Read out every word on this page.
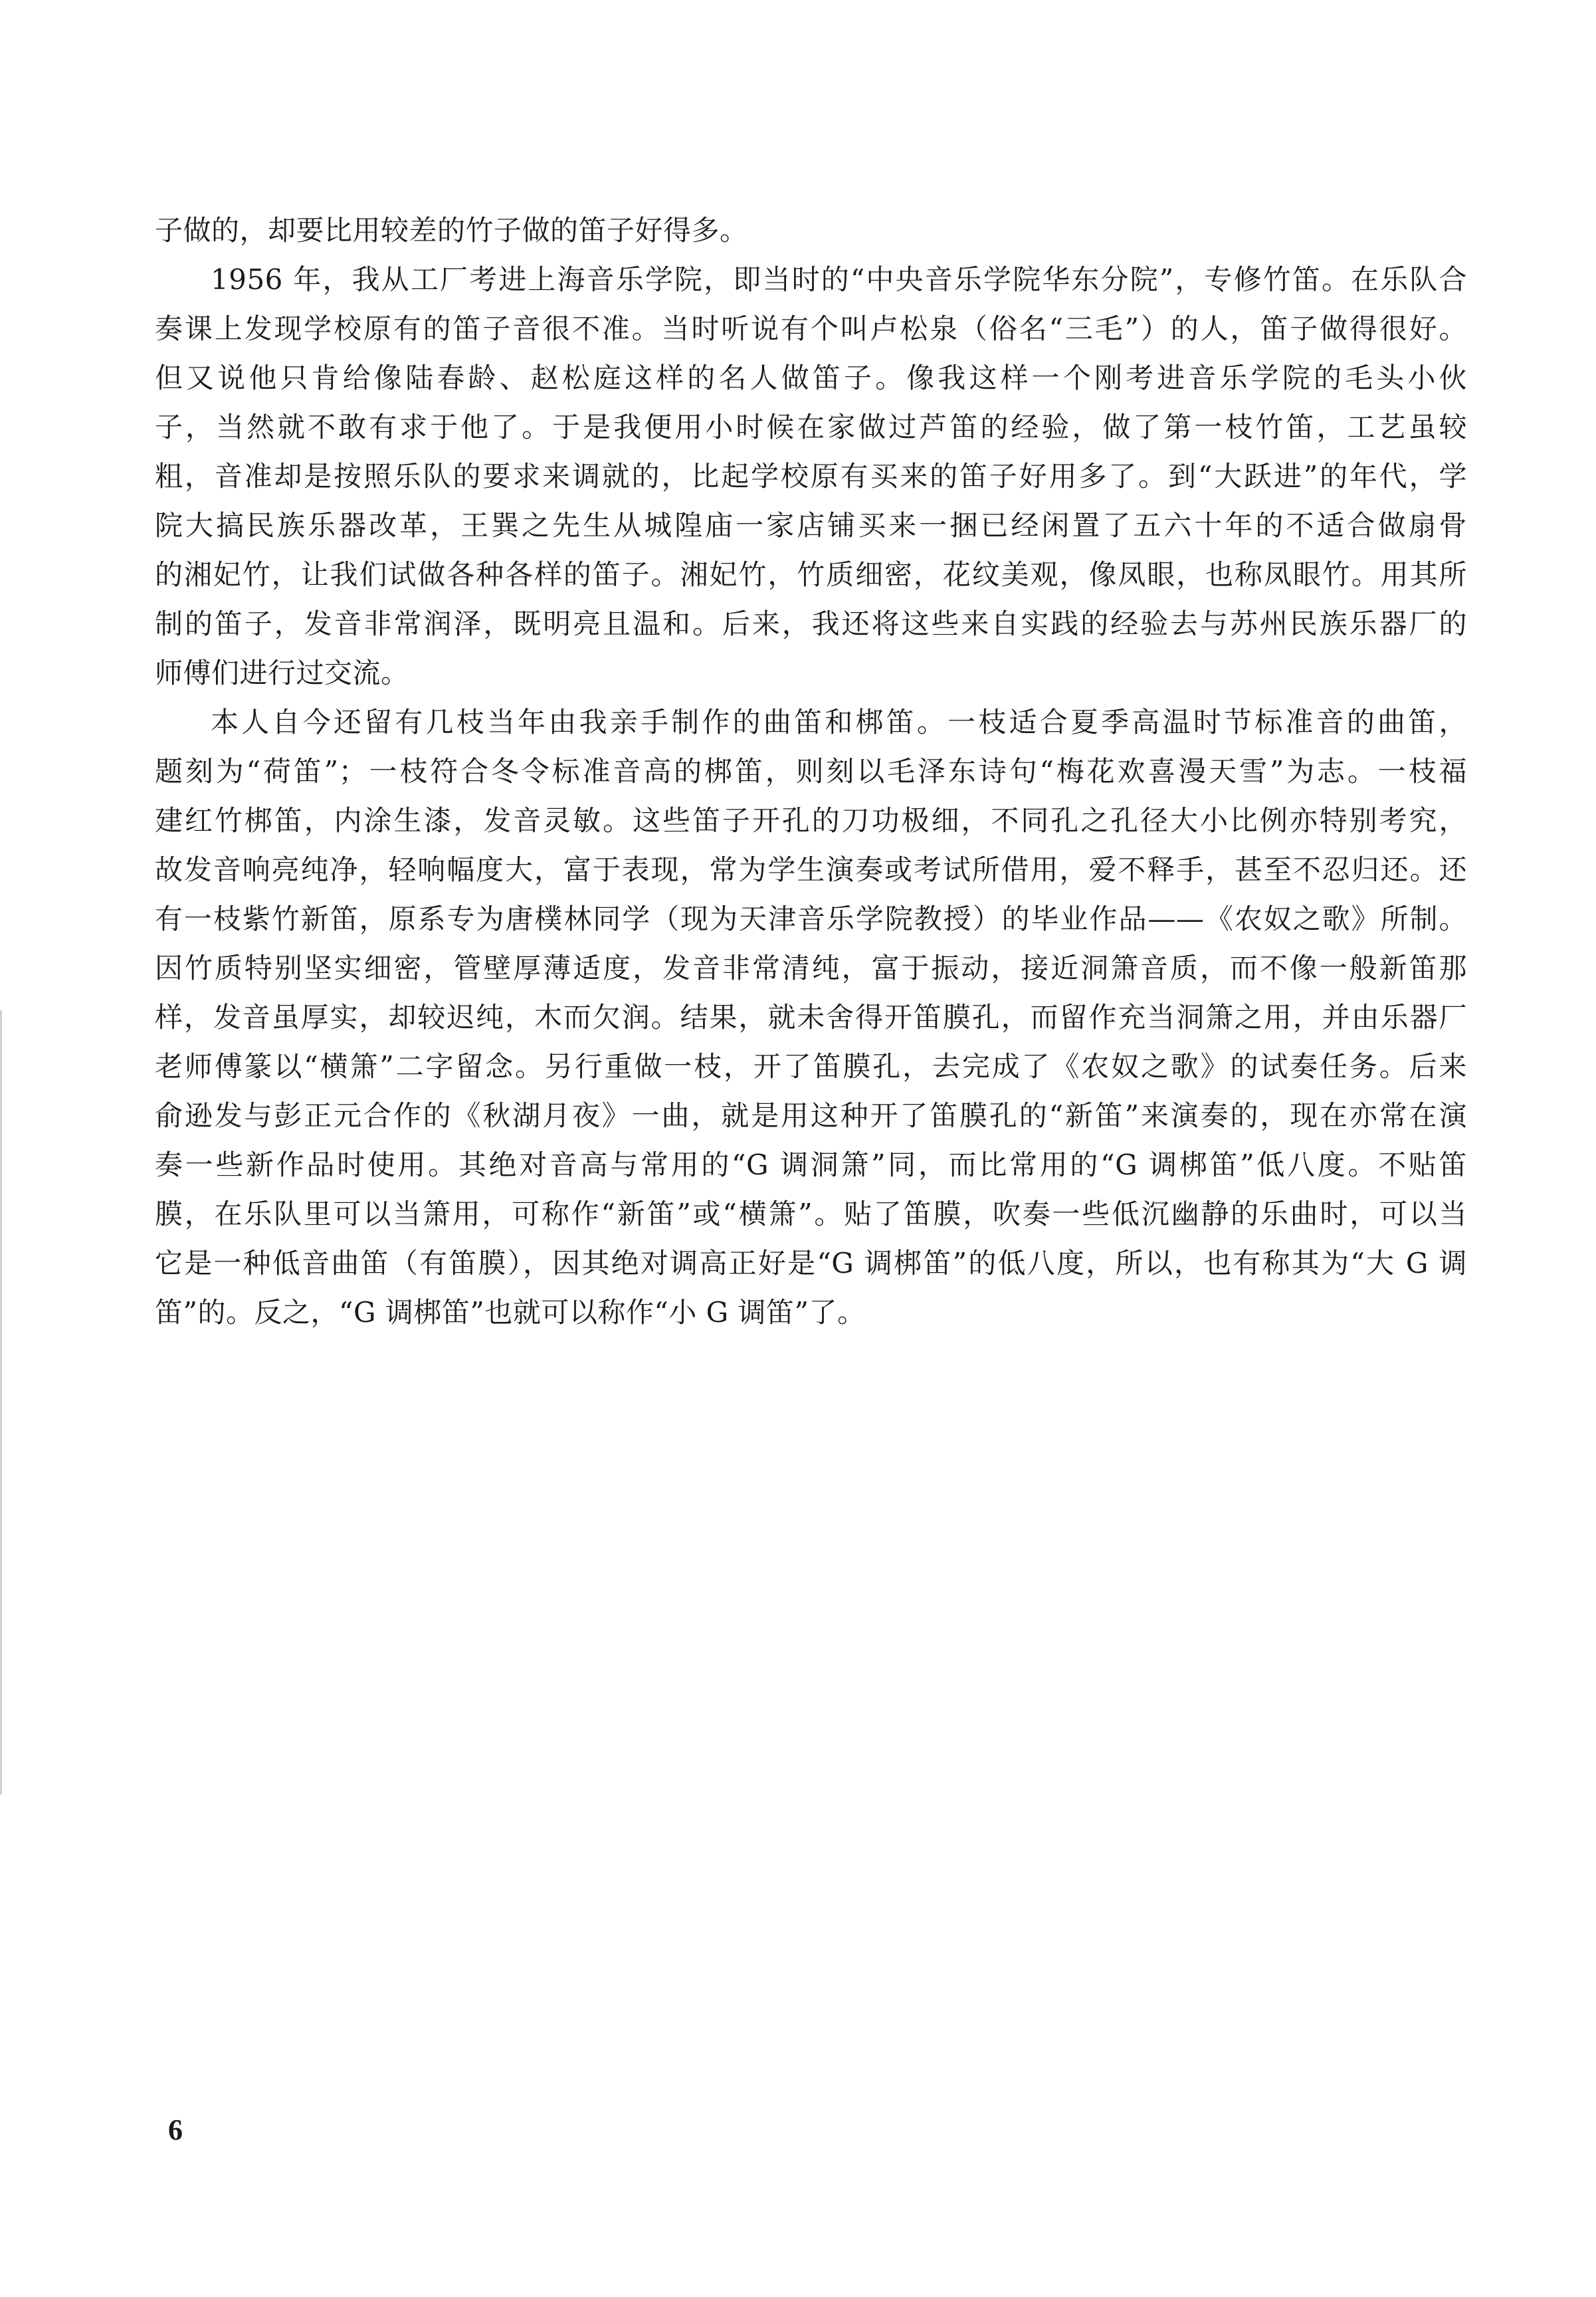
子做的，却要比用较差的竹子做的笛子好得多。
1956 年，我从工厂考进上海音乐学院，即当时的“中央音乐学院华东分院”，专修竹笛。在乐队合
奏课上发现学校原有的笛子音很不准。当时听说有个叫卢松泉（俗名“三毛”）的人，笛子做得很好。
但又说他只肯给像陆春龄、赵松庭这样的名人做笛子。像我这样一个刚考进音乐学院的毛头小伙
子，当然就不敢有求于他了。于是我便用小时候在家做过芦笛的经验，做了第一枝竹笛，工艺虽较
粗，音准却是按照乐队的要求来调就的，比起学校原有买来的笛子好用多了。到“大跃进”的年代，学
院大搞民族乐器改革，王巽之先生从城隍庙一家店铺买来一捆已经闲置了五六十年的不适合做扇骨
的湘妃竹，让我们试做各种各样的笛子。湘妃竹，竹质细密，花纹美观，像凤眼，也称凤眼竹。用其所
制的笛子，发音非常润泽，既明亮且温和。后来，我还将这些来自实践的经验去与苏州民族乐器厂的
师傅们进行过交流。
本人自今还留有几枝当年由我亲手制作的曲笛和梆笛。一枝适合夏季高温时节标准音的曲笛，
题刻为“荷笛”；一枝符合冬令标准音高的梆笛，则刻以毛泽东诗句“梅花欢喜漫天雪”为志。一枝福
建红竹梆笛，内涂生漆，发音灵敏。这些笛子开孔的刀功极细，不同孔之孔径大小比例亦特别考究，
故发音响亮纯净，轻响幅度大，富于表现，常为学生演奏或考试所借用，爱不释手，甚至不忍归还。还
有一枝紫竹新笛，原系专为唐樸林同学（现为天津音乐学院教授）的毕业作品——《农奴之歌》所制。
因竹质特别坚实细密，管壁厚薄适度，发音非常清纯，富于振动，接近洞箫音质，而不像一般新笛那
样，发音虽厚实，却较迟纯，木而欠润。结果，就未舍得开笛膜孔，而留作充当洞箫之用，并由乐器厂
老师傅篆以“横箫”二字留念。另行重做一枝，开了笛膜孔，去完成了《农奴之歌》的试奏任务。后来
俞逊发与彭正元合作的《秋湖月夜》一曲，就是用这种开了笛膜孔的“新笛”来演奏的，现在亦常在演
奏一些新作品时使用。其绝对音高与常用的“G 调洞箫”同，而比常用的“G 调梆笛”低八度。不贴笛
膜，在乐队里可以当箫用，可称作“新笛”或“横箫”。贴了笛膜，吹奏一些低沉幽静的乐曲时，可以当
它是一种低音曲笛（有笛膜），因其绝对调高正好是“G 调梆笛”的低八度，所以，也有称其为“大 G 调
笛”的。反之，“G 调梆笛”也就可以称作“小 G 调笛”了。
6
